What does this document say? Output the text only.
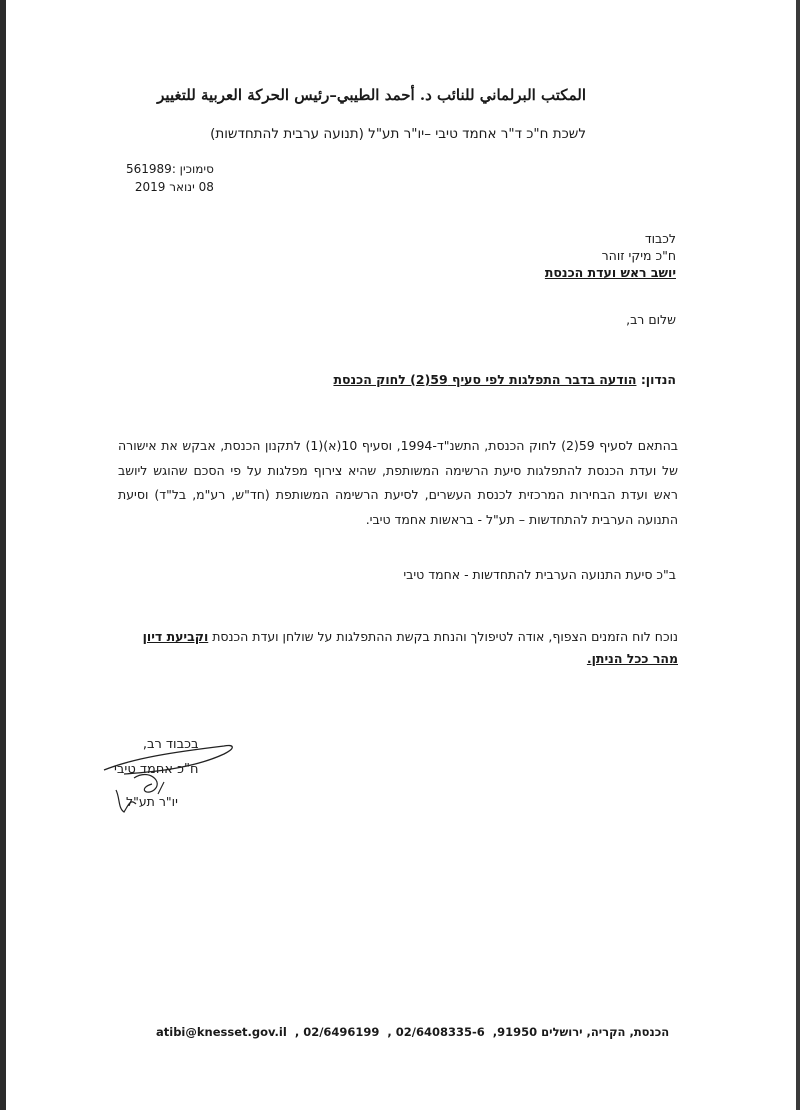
المكتب البرلماني للنائب د. أحمد الطيبي–رئيس الحركة العربية للتغيير
לשכת ח"כ ד"ר אחמד טיבי –יו"ר תע"ל (תנועה ערבית להתחדשות)
סימוכין :561989
08 ינואר 2019
לכבוד
ח"כ מיקי זוהר
יושב ראש ועדת הכנסת
שלום רב,
הנדון: הודעה בדבר התפלגות לפי סעיף 59(2) לחוק הכנסת
בהתאם לסעיף 59(2) לחוק הכנסת, התשנ"ד-1994, וסעיף 10(א)(1) לתקנון הכנסת, אבקש את אישורה של ועדת הכנסת להתפלגות סיעת הרשימה המשותפת, שהיא צירוף מפלגות על פי הסכם שהוגש ליושב ראש ועדת הבחירות המרכזית לכנסת העשרים, לסיעת הרשימה המשותפת (חד"ש, רע"מ, בל"ד) וסיעת התנועה הערבית להתחדשות – תע"ל - בראשות אחמד טיבי.
ב"כ סיעת התנועה הערבית להתחדשות - אחמד טיבי
נוכח לוח הזמנים הצפוף, אודה לטיפולך והנחת בקשת ההתפלגות על שולחן ועדת הכנסת וקביעת דיון מהר ככל הניתן.
בכבוד רב,
ח"כ אחמד טיבי
יו"ר תע"ל
atibi@knesset.gov.il , 02/6496199 , 02/6408335-6 הכנסת, הקריה, ירושלים 91950,
